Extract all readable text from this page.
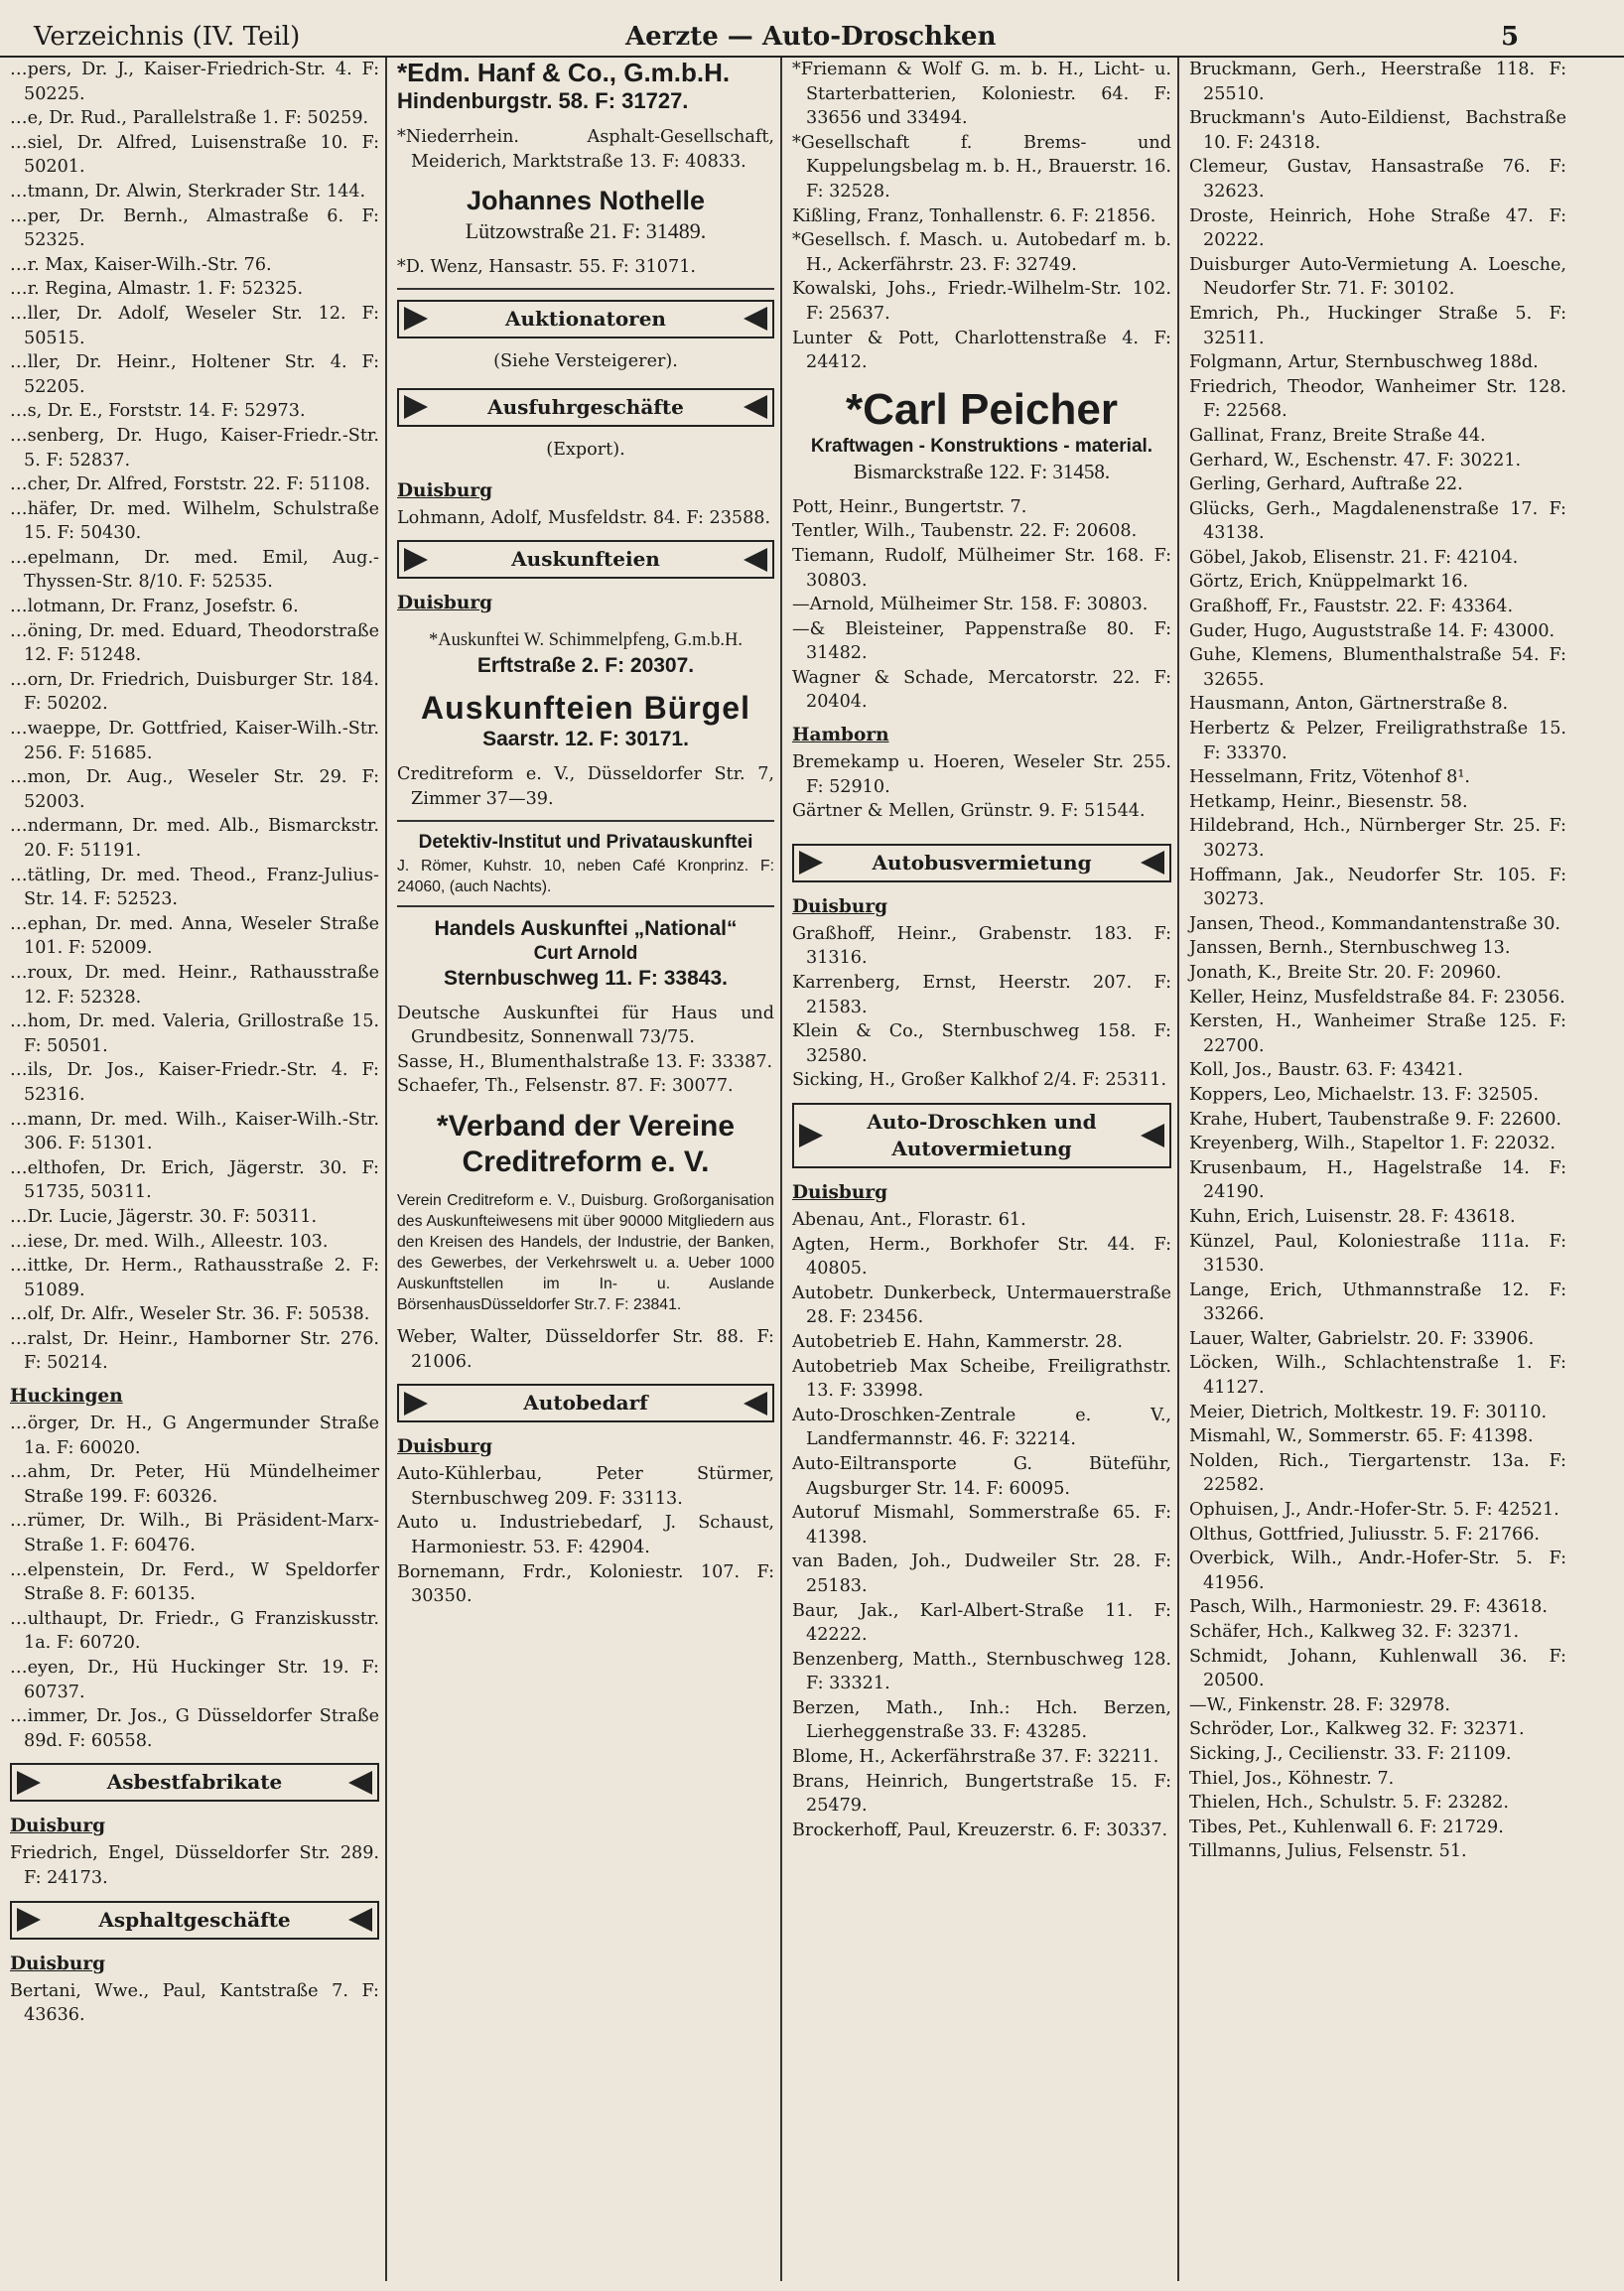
Verzeichnis (IV. Teil)	Aerzte — Auto-Droschken	5
…pers, Dr. J., Kaiser-Friedrich-Str. 4. F: 50225.
…e, Dr. Rud., Parallelstraße 1. F: 50259.
…siel, Dr. Alfred, Luisenstraße 10. F: 50201.
…tmann, Dr. Alwin, Sterkrader Str. 144.
…per, Dr. Bernh., Almastraße 6. F: 52325.
…r. Max, Kaiser-Wilh.-Str. 76.
…r. Regina, Almastr. 1. F: 52325.
…ller, Dr. Adolf, Weseler Str. 12. F: 50515.
…ller, Dr. Heinr., Holtener Str. 4. F: 52205.
…s, Dr. E., Forststr. 14. F: 52973.
…senberg, Dr. Hugo, Kaiser-Friedr.-Str. 5. F: 52837.
…cher, Dr. Alfred, Forststr. 22. F: 51108.
…häfer, Dr. med. Wilhelm, Schulstraße 15. F: 50430.
…epelmann, Dr. med. Emil, Aug.-Thyssen-Str. 8/10. F: 52535.
…lotmann, Dr. Franz, Josefstr. 6.
…öning, Dr. med. Eduard, Theodorstraße 12. F: 51248.
…orn, Dr. Friedrich, Duisburger Str. 184. F: 50202.
…waeppe, Dr. Gottfried, Kaiser-Wilh.-Str. 256. F: 51685.
…mon, Dr. Aug., Weseler Str. 29. F: 52003.
…ndermann, Dr. med. Alb., Bismarckstr. 20. F: 51191.
…tätling, Dr. med. Theod., Franz-Julius-Str. 14. F: 52523.
…ephan, Dr. med. Anna, Weseler Straße 101. F: 52009.
…roux, Dr. med. Heinr., Rathausstraße 12. F: 52328.
…hom, Dr. med. Valeria, Grillostraße 15. F: 50501.
…ils, Dr. Jos., Kaiser-Friedr.-Str. 4. F: 52316.
…mann, Dr. med. Wilh., Kaiser-Wilh.-Str. 306. F: 51301.
…elthofen, Dr. Erich, Jägerstr. 30. F: 51735, 50311.
…Dr. Lucie, Jägerstr. 30. F: 50311.
…iese, Dr. med. Wilh., Alleestr. 103.
…ittke, Dr. Herm., Rathausstraße 2. F: 51089.
…olf, Dr. Alfr., Weseler Str. 36. F: 50538.
…ralst, Dr. Heinr., Hamborner Str. 276. F: 50214.
Huckingen
…örger, Dr. H., G Angermunder Straße 1a. F: 60020.
…ahm, Dr. Peter, Hü Mündelheimer Straße 199. F: 60326.
…rümer, Dr. Wilh., Bi Präsident-Marx-Straße 1. F: 60476.
…elpenstein, Dr. Ferd., W Speldorfer Straße 8. F: 60135.
…ulthaupt, Dr. Friedr., G Franziskusstr. 1a. F: 60720.
…eyen, Dr., Hü Huckinger Str. 19. F: 60737.
…immer, Dr. Jos., G Düsseldorfer Straße 89d. F: 60558.
Asbestfabrikate
Duisburg
Friedrich, Engel, Düsseldorfer Str. 289. F: 24173.
Asphaltgeschäfte
Duisburg
Bertani, Wwe., Paul, Kantstraße 7. F: 43636.
*Edm. Hanf & Co., G.m.b.H.
Hindenburgstr. 58. F: 31727.
*Niederrhein. Asphalt-Gesellschaft, Meiderich, Marktstraße 13. F: 40833.
Johannes Nothelle
Lützowstraße 21. F: 31489.
*D. Wenz, Hansastr. 55. F: 31071.
Auktionatoren
(Siehe Versteigerer).
Ausfuhrgeschäfte
(Export).
Duisburg
Lohmann, Adolf, Musfeldstr. 84. F: 23588.
Auskunfteien
Duisburg
*Auskunftei W. Schimmelpfeng, G.m.b.H.
Erftstraße 2. F: 20307.
Auskunfteien Bürgel
Saarstr. 12. F: 30171.
Creditreform e. V., Düsseldorfer Str. 7, Zimmer 37—39.
Detektiv-Institut und Privatauskunftei
J. Römer, Kuhstr. 10, neben Café Kronprinz. F: 24060, (auch Nachts).
Handels Auskunftei „National“
Curt Arnold
Sternbuschweg 11. F: 33843.
Deutsche Auskunftei für Haus und Grundbesitz, Sonnenwall 73/75.
Sasse, H., Blumenthalstraße 13. F: 33387.
Schaefer, Th., Felsenstr. 87. F: 30077.
*Verband der Vereine
Creditreform e. V.
Verein Creditreform e. V., Duisburg. Großorganisation des Auskunfteiwesens mit über 90000 Mitgliedern aus den Kreisen des Handels, der Industrie, der Banken, des Gewerbes, der Verkehrswelt u. a. Ueber 1000 Auskunftstellen im In- u. Auslande BörsenhausDüsseldorfer Str.7. F: 23841.
Weber, Walter, Düsseldorfer Str. 88. F: 21006.
Autobedarf
Duisburg
Auto-Kühlerbau, Peter Stürmer, Sternbuschweg 209. F: 33113.
Auto u. Industriebedarf, J. Schaust, Harmoniestr. 53. F: 42904.
Bornemann, Frdr., Koloniestr. 107. F: 30350.
*Friemann & Wolf G. m. b. H., Licht- u. Starterbatterien, Koloniestr. 64. F: 33656 und 33494.
*Gesellschaft f. Brems- und Kuppelungsbelag m. b. H., Brauerstr. 16. F: 32528.
Kißling, Franz, Tonhallenstr. 6. F: 21856.
*Gesellsch. f. Masch. u. Autobedarf m. b. H., Ackerfährstr. 23. F: 32749.
Kowalski, Johs., Friedr.-Wilhelm-Str. 102. F: 25637.
Lunter & Pott, Charlottenstraße 4. F: 24412.
*Carl Peicher
Kraftwagen - Konstruktions - material.
Bismarckstraße 122. F: 31458.
Pott, Heinr., Bungertstr. 7.
Tentler, Wilh., Taubenstr. 22. F: 20608.
Tiemann, Rudolf, Mülheimer Str. 168. F: 30803.
—Arnold, Mülheimer Str. 158. F: 30803.
—& Bleisteiner, Pappenstraße 80. F: 31482.
Wagner & Schade, Mercatorstr. 22. F: 20404.
Hamborn
Bremekamp u. Hoeren, Weseler Str. 255. F: 52910.
Gärtner & Mellen, Grünstr. 9. F: 51544.
Autobusvermietung
Duisburg
Graßhoff, Heinr., Grabenstr. 183. F: 31316.
Karrenberg, Ernst, Heerstr. 207. F: 21583.
Klein & Co., Sternbuschweg 158. F: 32580.
Sicking, H., Großer Kalkhof 2/4. F: 25311.
Auto-Droschken und
Autovermietung
Duisburg
Abenau, Ant., Florastr. 61.
Agten, Herm., Borkhofer Str. 44. F: 40805.
Autobetr. Dunkerbeck, Untermauerstraße 28. F: 23456.
Autobetrieb E. Hahn, Kammerstr. 28.
Autobetrieb Max Scheibe, Freiligrathstr. 13. F: 33998.
Auto-Droschken-Zentrale e. V., Landfermannstr. 46. F: 32214.
Auto-Eiltransporte G. Büteführ, Augsburger Str. 14. F: 60095.
Autoruf Mismahl, Sommerstraße 65. F: 41398.
van Baden, Joh., Dudweiler Str. 28. F: 25183.
Baur, Jak., Karl-Albert-Straße 11. F: 42222.
Benzenberg, Matth., Sternbuschweg 128. F: 33321.
Berzen, Math., Inh.: Hch. Berzen, Lierheggenstraße 33. F: 43285.
Blome, H., Ackerfährstraße 37. F: 32211.
Brans, Heinrich, Bungertstraße 15. F: 25479.
Brockerhoff, Paul, Kreuzerstr. 6. F: 30337.
Bruckmann, Gerh., Heerstraße 118. F: 25510.
Bruckmann's Auto-Eildienst, Bachstraße 10. F: 24318.
Clemeur, Gustav, Hansastraße 76. F: 32623.
Droste, Heinrich, Hohe Straße 47. F: 20222.
Duisburger Auto-Vermietung A. Loesche, Neudorfer Str. 71. F: 30102.
Emrich, Ph., Huckinger Straße 5. F: 32511.
Folgmann, Artur, Sternbuschweg 188d.
Friedrich, Theodor, Wanheimer Str. 128. F: 22568.
Gallinat, Franz, Breite Straße 44.
Gerhard, W., Eschenstr. 47. F: 30221.
Gerling, Gerhard, Auftraße 22.
Glücks, Gerh., Magdalenenstraße 17. F: 43138.
Göbel, Jakob, Elisenstr. 21. F: 42104.
Görtz, Erich, Knüppelmarkt 16.
Graßhoff, Fr., Fauststr. 22. F: 43364.
Guder, Hugo, Auguststraße 14. F: 43000.
Guhe, Klemens, Blumenthalstraße 54. F: 32655.
Hausmann, Anton, Gärtnerstraße 8.
Herbertz & Pelzer, Freiligrathstraße 15. F: 33370.
Hesselmann, Fritz, Vötenhof 8¹.
Hetkamp, Heinr., Biesenstr. 58.
Hildebrand, Hch., Nürnberger Str. 25. F: 30273.
Hoffmann, Jak., Neudorfer Str. 105. F: 30273.
Jansen, Theod., Kommandantenstraße 30.
Janssen, Bernh., Sternbuschweg 13.
Jonath, K., Breite Str. 20. F: 20960.
Keller, Heinz, Musfeldstraße 84. F: 23056.
Kersten, H., Wanheimer Straße 125. F: 22700.
Koll, Jos., Baustr. 63. F: 43421.
Koppers, Leo, Michaelstr. 13. F: 32505.
Krahe, Hubert, Taubenstraße 9. F: 22600.
Kreyenberg, Wilh., Stapeltor 1. F: 22032.
Krusenbaum, H., Hagelstraße 14. F: 24190.
Kuhn, Erich, Luisenstr. 28. F: 43618.
Künzel, Paul, Koloniestraße 111a. F: 31530.
Lange, Erich, Uthmannstraße 12. F: 33266.
Lauer, Walter, Gabrielstr. 20. F: 33906.
Löcken, Wilh., Schlachtenstraße 1. F: 41127.
Meier, Dietrich, Moltkestr. 19. F: 30110.
Mismahl, W., Sommerstr. 65. F: 41398.
Nolden, Rich., Tiergartenstr. 13a. F: 22582.
Ophuisen, J., Andr.-Hofer-Str. 5. F: 42521.
Olthus, Gottfried, Juliusstr. 5. F: 21766.
Overbick, Wilh., Andr.-Hofer-Str. 5. F: 41956.
Pasch, Wilh., Harmoniestr. 29. F: 43618.
Schäfer, Hch., Kalkweg 32. F: 32371.
Schmidt, Johann, Kuhlenwall 36. F: 20500.
—W., Finkenstr. 28. F: 32978.
Schröder, Lor., Kalkweg 32. F: 32371.
Sicking, J., Cecilienstr. 33. F: 21109.
Thiel, Jos., Köhnestr. 7.
Thielen, Hch., Schulstr. 5. F: 23282.
Tibes, Pet., Kuhlenwall 6. F: 21729.
Tillmanns, Julius, Felsenstr. 51.
